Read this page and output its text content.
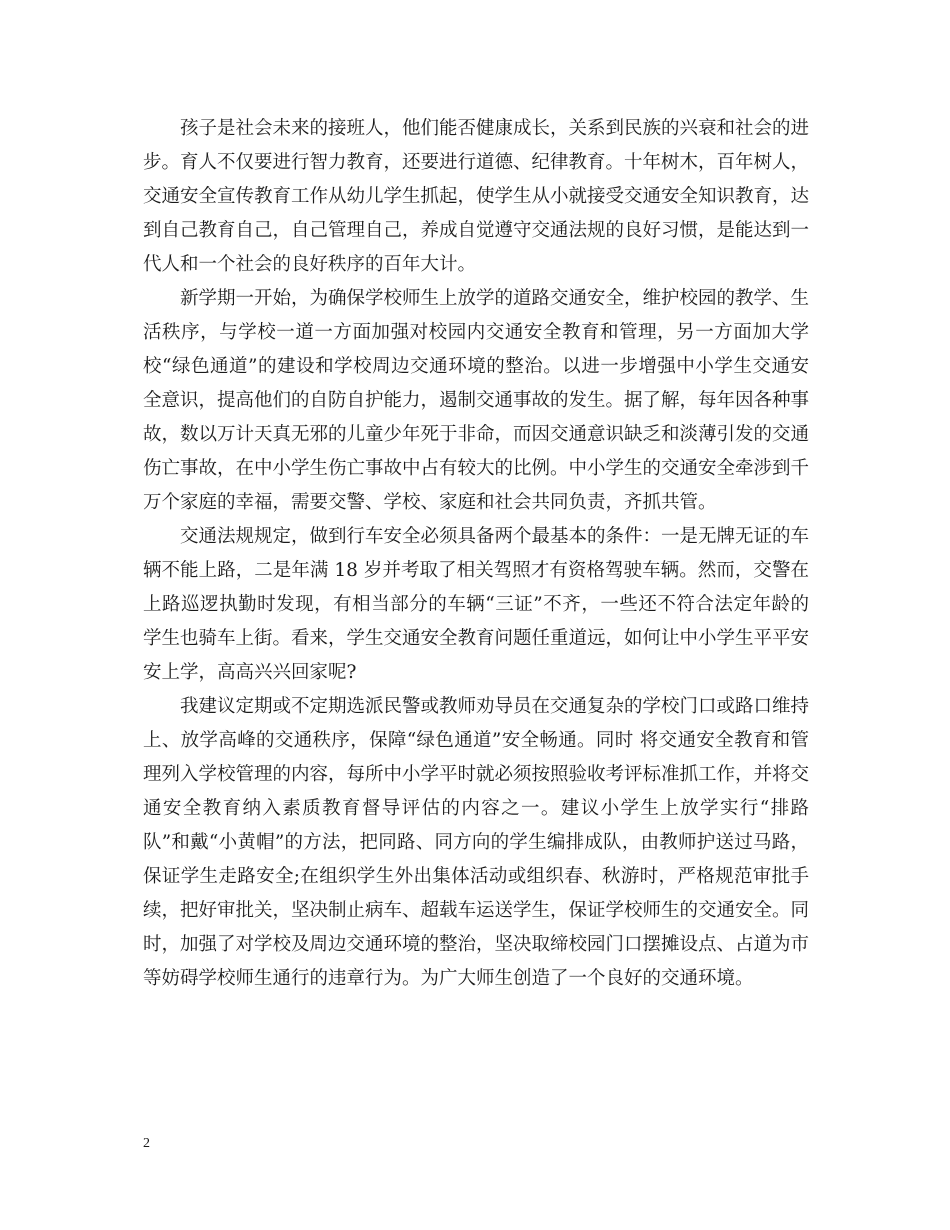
孩子是社会未来的接班人，他们能否健康成长，关系到民族的兴衰和社会的进步。育人不仅要进行智力教育，还要进行道德、纪律教育。十年树木，百年树人，交通安全宣传教育工作从幼儿学生抓起，使学生从小就接受交通安全知识教育，达到自己教育自己，自己管理自己，养成自觉遵守交通法规的良好习惯，是能达到一代人和一个社会的良好秩序的百年大计。

新学期一开始，为确保学校师生上放学的道路交通安全，维护校园的教学、生活秩序，与学校一道一方面加强对校园内交通安全教育和管理，另一方面加大学校“绿色通道”的建设和学校周边交通环境的整治。以进一步增强中小学生交通安全意识，提高他们的自防自护能力，遏制交通事故的发生。据了解，每年因各种事故，数以万计天真无邪的儿童少年死于非命，而因交通意识缺乏和淡薄引发的交通伤亡事故，在中小学生伤亡事故中占有较大的比例。中小学生的交通安全牵涉到千万个家庭的幸福，需要交警、学校、家庭和社会共同负责，齐抓共管。

交通法规规定，做到行车安全必须具备两个最基本的条件：一是无牌无证的车辆不能上路，二是年满 18 岁并考取了相关驾照才有资格驾驶车辆。然而，交警在上路巡逻执勤时发现，有相当部分的车辆“三证”不齐，一些还不符合法定年龄的学生也骑车上街。看来，学生交通安全教育问题任重道远，如何让中小学生平平安安上学，高高兴兴回家呢?

我建议定期或不定期选派民警或教师劝导员在交通复杂的学校门口或路口维持上、放学高峰的交通秩序，保障“绿色通道”安全畅通。同时 将交通安全教育和管理列入学校管理的内容，每所中小学平时就必须按照验收考评标准抓工作，并将交通安全教育纳入素质教育督导评估的内容之一。建议小学生上放学实行“排路队”和戴“小黄帽”的方法，把同路、同方向的学生编排成队，由教师护送过马路，保证学生走路安全;在组织学生外出集体活动或组织春、秋游时，严格规范审批手续，把好审批关，坚决制止病车、超载车运送学生，保证学校师生的交通安全。同时，加强了对学校及周边交通环境的整治，坚决取缔校园门口摆摊设点、占道为市等妨碍学校师生通行的违章行为。为广大师生创造了一个良好的交通环境。

2
